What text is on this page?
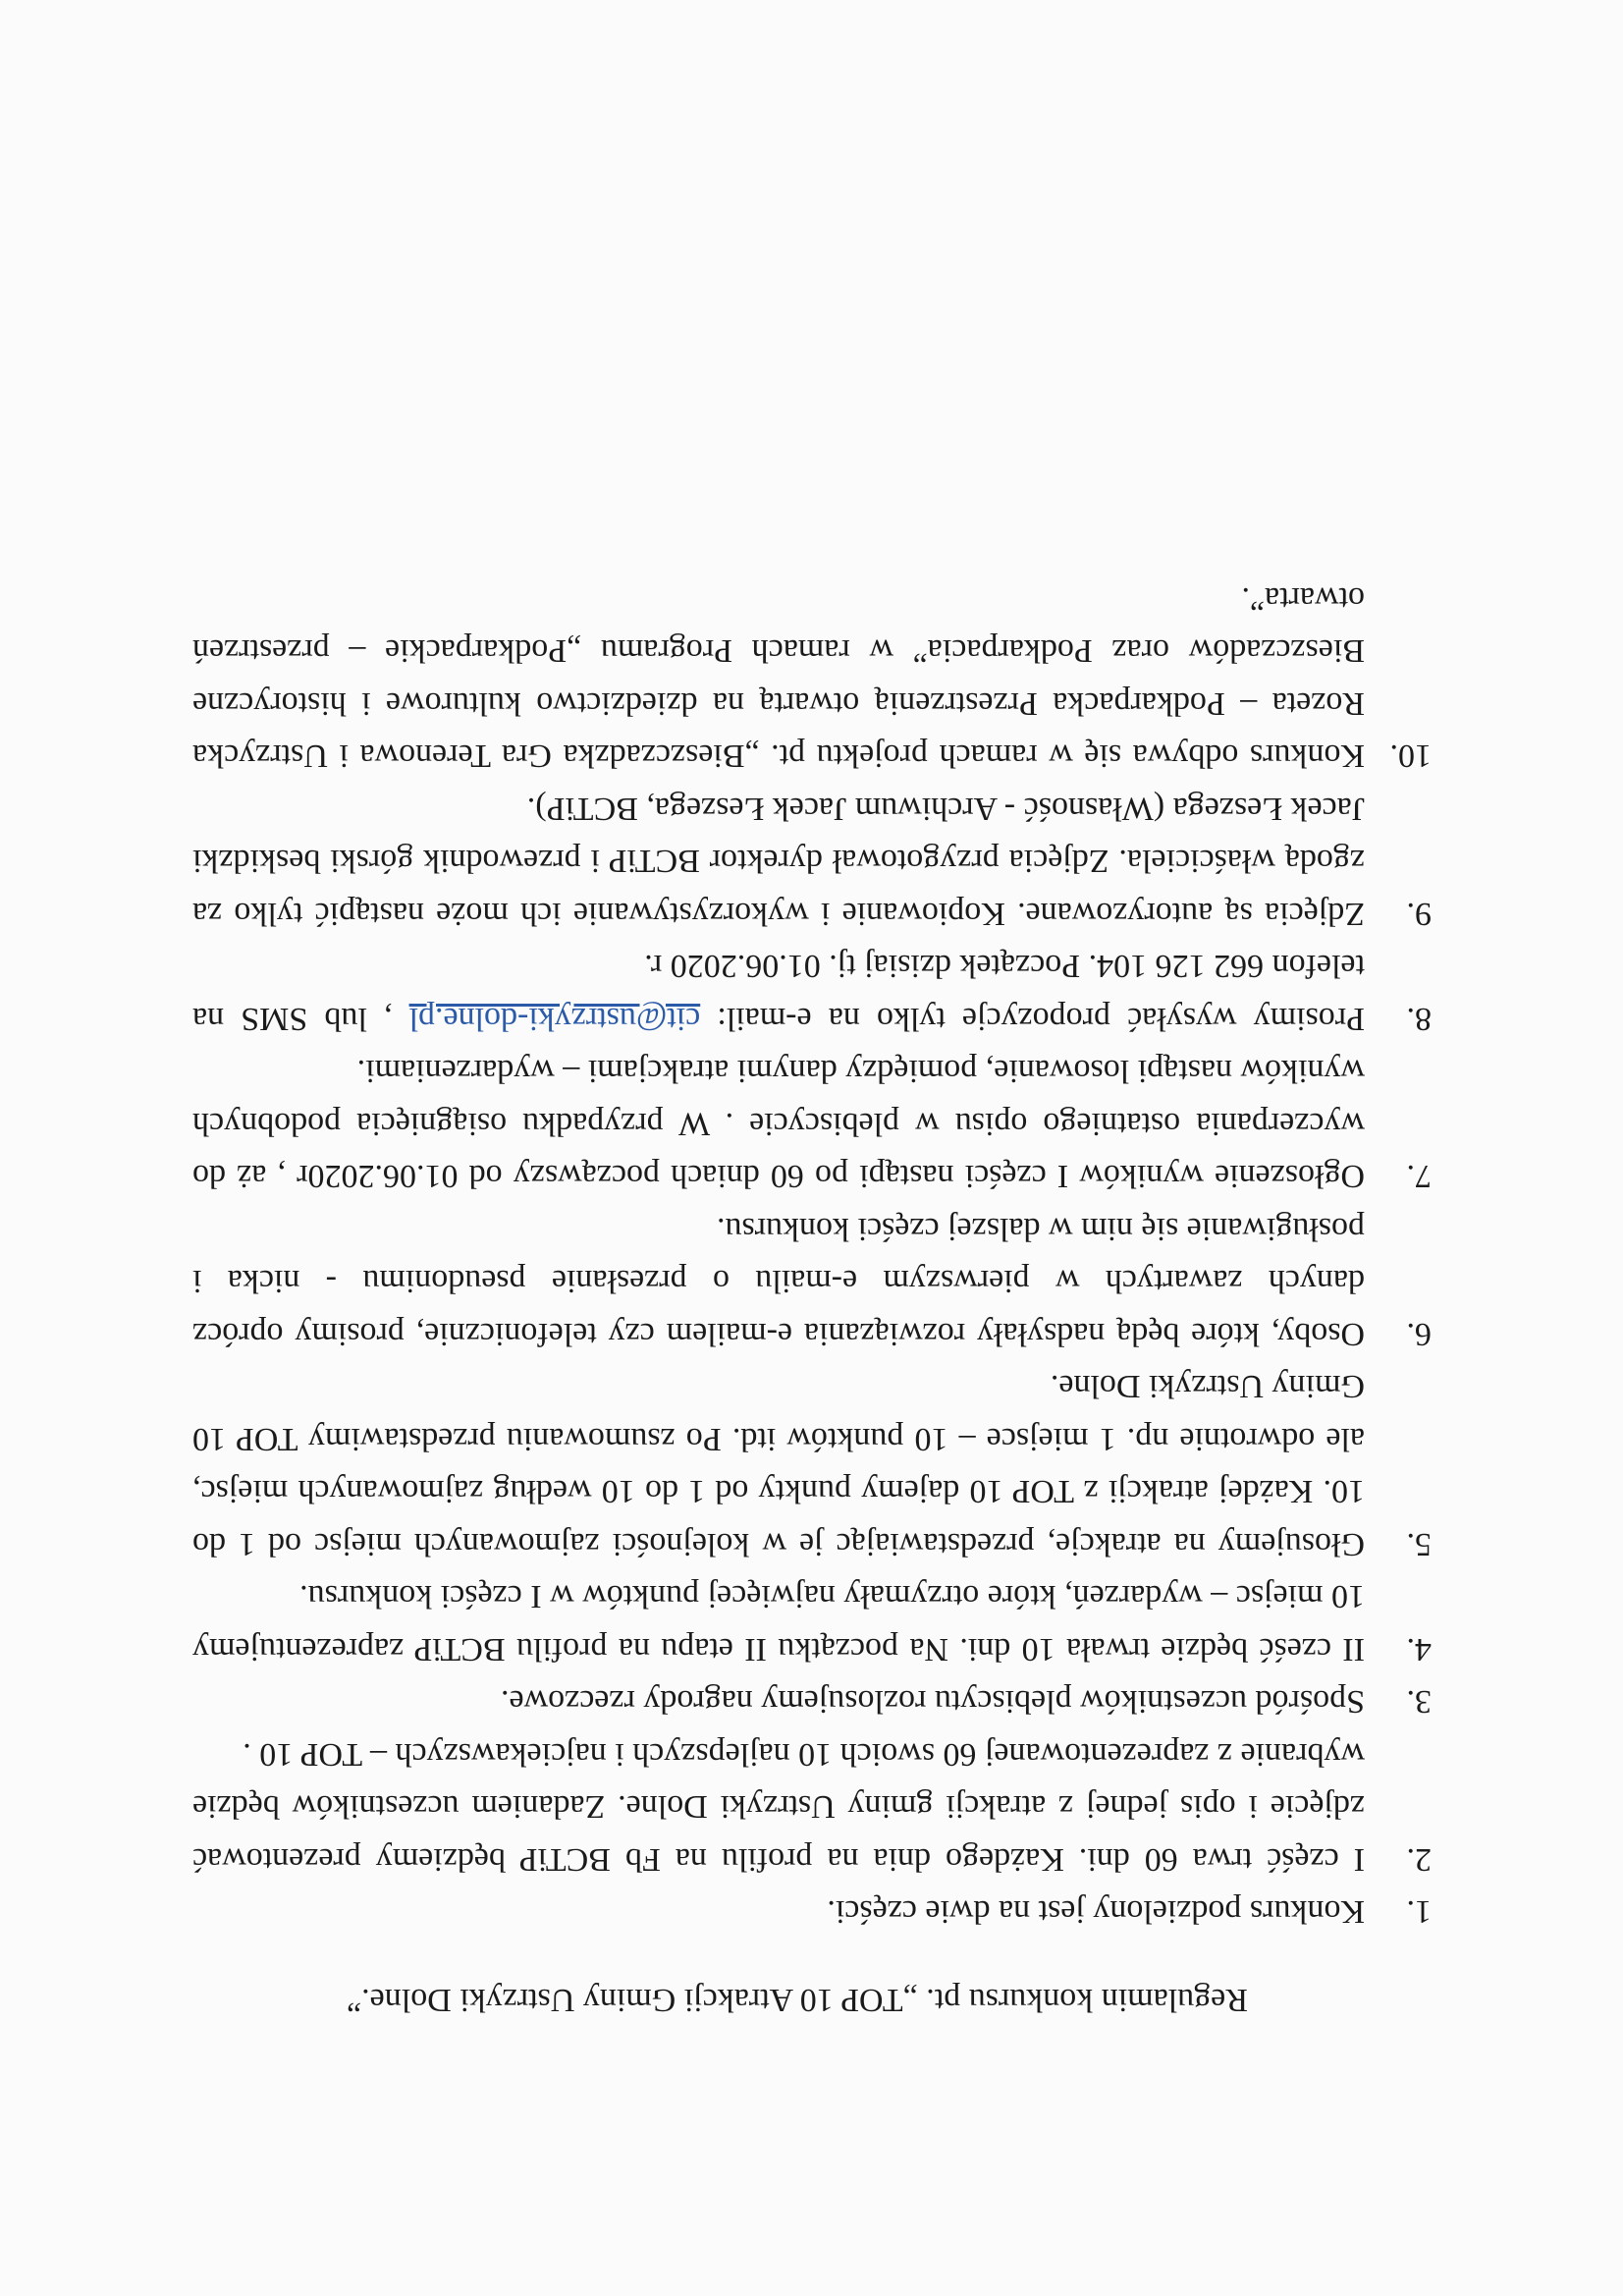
Regulamin konkursu pt. „TOP 10 Atrakcji Gminy Ustrzyki Dolne.”
1.
Konkurs podzielony jest na dwie części.
2.
I część trwa 60 dni. Każdego dnia na profilu na Fb BCTiP będziemy prezentować zdjęcie i opis jednej z atrakcji gminy Ustrzyki Dolne. Zadaniem uczestników będzie wybranie z zaprezentowanej 60 swoich 10 najlepszych i najciekawszych – TOP 10 .
3.
Spośród uczestników plebiscytu rozlosujemy nagrody rzeczowe.
4.
II cześć będzie trwała 10 dni. Na początku II etapu na profilu BCTiP zaprezentujemy 10 miejsc – wydarzeń, które otrzymały najwięcej punktów w I części konkursu.
5.
Głosujemy na atrakcje, przedstawiając je w kolejności zajmowanych miejsc od 1 do 10. Każdej atrakcji z TOP 10 dajemy punkty od 1 do 10 według zajmowanych miejsc, ale odwrotnie np. 1 miejsce – 10 punktów itd. Po zsumowaniu przedstawimy TOP 10 Gminy Ustrzyki Dolne.
6.
Osoby, które będą nadsyłały rozwiązania e-mailem czy telefonicznie, prosimy oprócz danych zawartych w pierwszym e-mailu o przesłanie pseudonimu - nicka i posługiwanie się nim w dalszej części konkursu.
7.
Ogłoszenie wyników I części nastąpi po 60 dniach począwszy od 01.06.2020r , aż do wyczerpania ostatniego opisu w plebiscycie . W przypadku osiągnięcia podobnych wyników nastąpi losowanie, pomiędzy danymi atrakcjami – wydarzeniami.
8.
Prosimy wysyłać propozycje tylko na e-mail: cit@ustrzyki-dolne.pl , lub SMS na telefon 662 126 104. Początek dzisiaj tj. 01.06.2020 r.
9.
Zdjęcia są autoryzowane. Kopiowanie i wykorzystywanie ich może nastąpić tylko za zgodą właściciela. Zdjęcia przygotował dyrektor BCTiP i przewodnik górski beskidzki Jacek Łeszega (Własność - Archiwum Jacek Łeszega, BCTiP).
10.
Konkurs odbywa się w ramach projektu pt. „Bieszczadzka Gra Terenowa i Ustrzycka Rozeta – Podkarpacka Przestrzenią otwartą na dziedzictwo kulturowe i historyczne Bieszczadów oraz Podkarpacia” w ramach Programu „Podkarpackie – przestrzeń otwarta”.
